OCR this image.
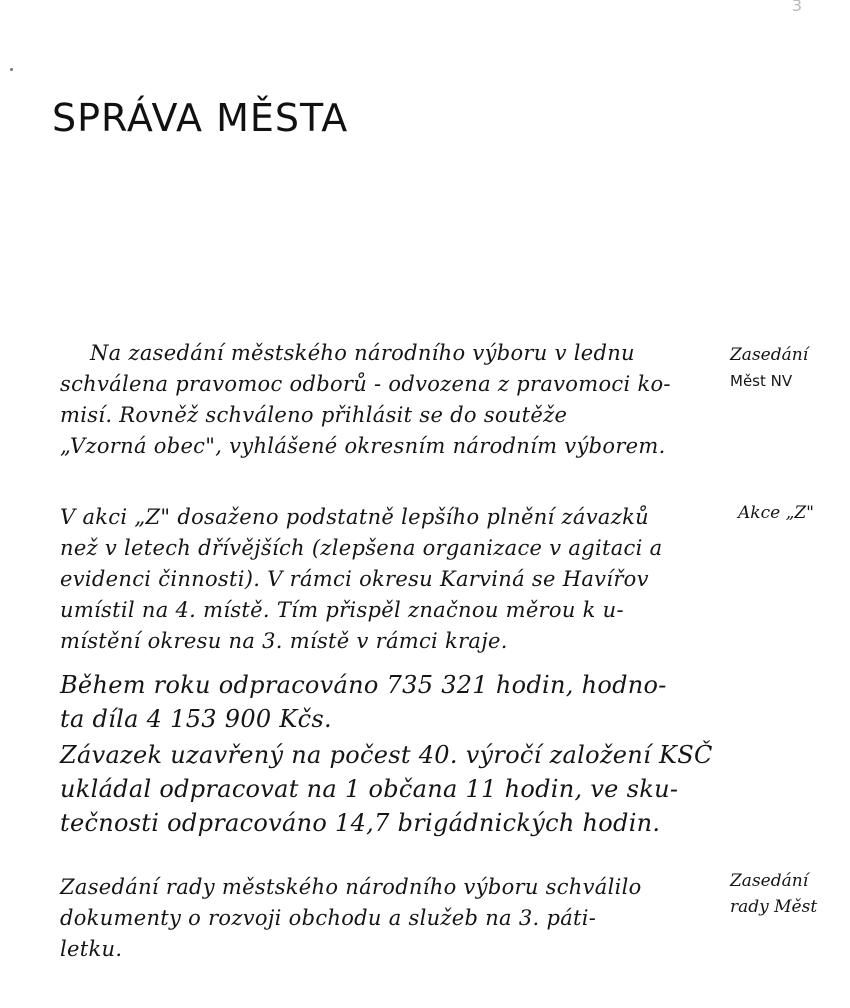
3
SPRÁVA MĚSTA
Na zasedání městského národního výboru v lednu
schválena pravomoc odborů - odvozena z pravomoci ko-
misí. Rovněž schváleno přihlásit se do soutěže
„Vzorná obec", vyhlášené okresním národním výborem.
Zasedání
Měst NV
V akci „Z" dosaženo podstatně lepšího plnění závazků
než v letech dřívějších (zlepšena organizace v agitaci a
evidenci činnosti). V rámci okresu Karviná se Havířov
umístil na 4. místě. Tím přispěl značnou měrou k u-
místění okresu na 3. místě v rámci kraje.
Akce „Z"
Během roku odpracováno 735 321 hodin, hodno-
ta díla 4 153 900 Kčs.
Závazek uzavřený na počest 40. výročí založení KSČ
ukládal odpracovat na 1 občana 11 hodin, ve sku-
tečnosti odpracováno 14,7 brigádnických hodin.
Zasedání rady městského národního výboru schválilo
dokumenty o rozvoji obchodu a služeb na 3. páti-
letku.
Zasedání
rady Měst
